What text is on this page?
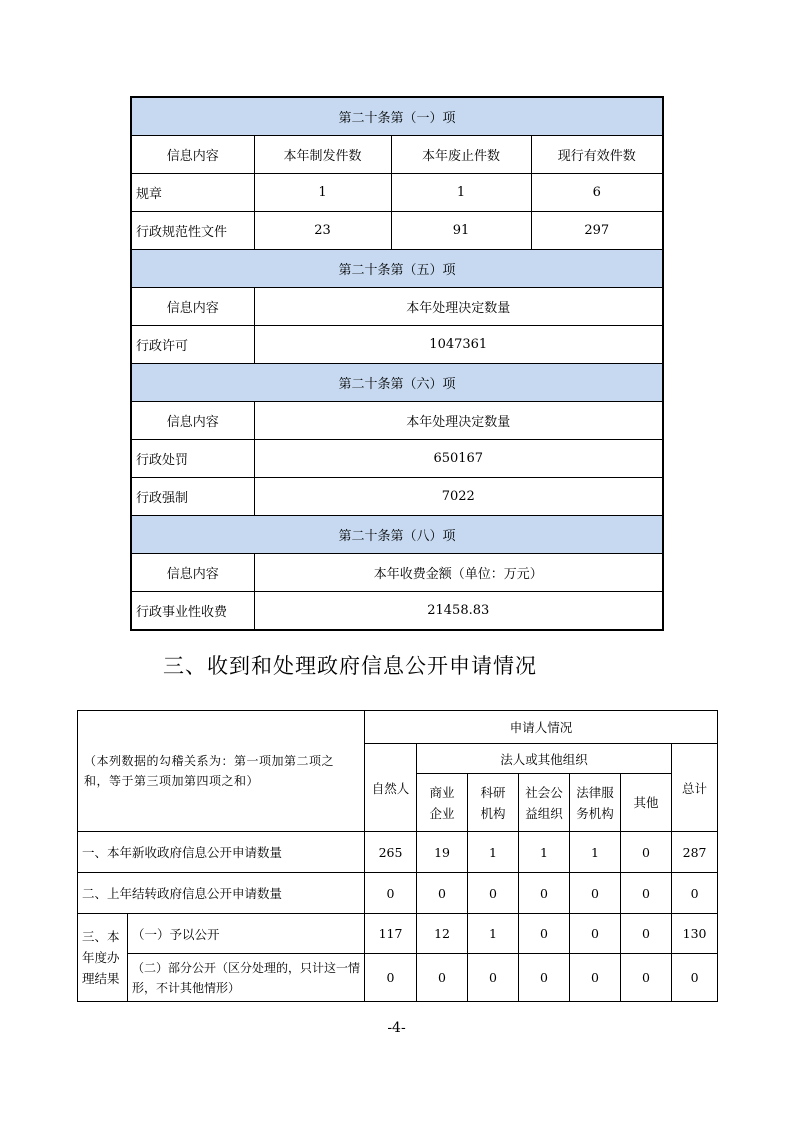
第二十条第（一）项			
信息内容	本年制发件数	本年废止件数	现行有效件数
规章	1	1	6
行政规范性文件	23	91	297
第二十条第（五）项			
信息内容	本年处理决定数量		
行政许可	1047361		
第二十条第（六）项			
信息内容	本年处理决定数量		
行政处罚	650167		
行政强制	7022		
第二十条第（八）项			
信息内容	本年收费金额（单位：万元）		
行政事业性收费	21458.83		
三、收到和处理政府信息公开申请情况
（本列数据的勾稽关系为：第一项加第二项之和，等于第三项加第四项之和）		申请人情况						
		自然人	法人或其他组织					总计
			商业企业	科研机构	社会公益组织	法律服务机构	其他	
一、本年新收政府信息公开申请数量		265	19	1	1	1	0	287
二、上年结转政府信息公开申请数量		0	0	0	0	0	0	0
三、本年度办理结果	（一）予以公开	117	12	1	0	0	0	130
	（二）部分公开（区分处理的，只计这一情形，不计其他情形）	0	0	0	0	0	0	0
-4-
